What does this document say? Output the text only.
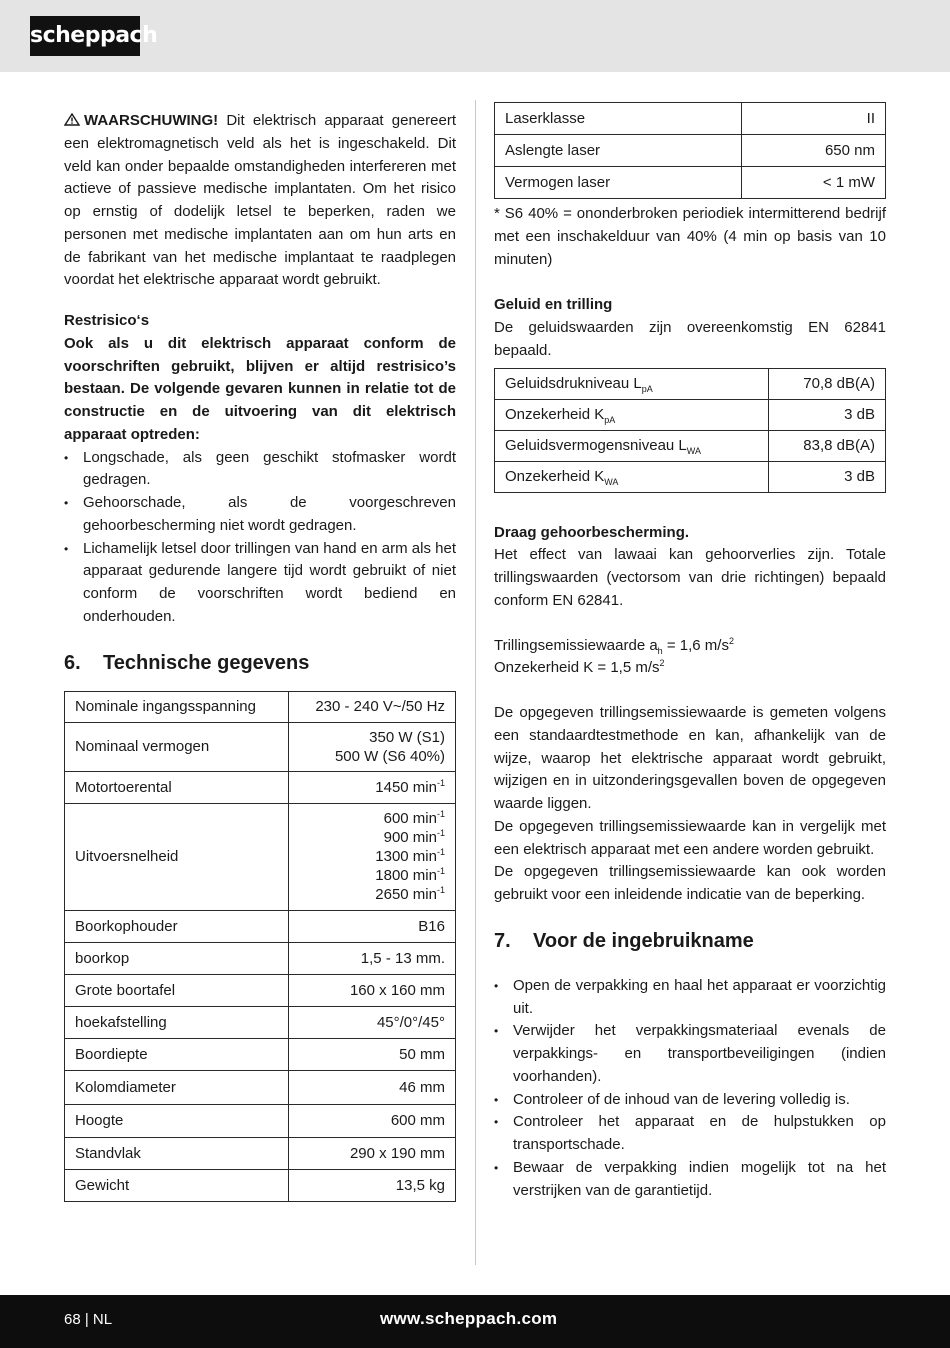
scheppach

WAARSCHUWING! Dit elektrisch apparaat genereert een elektromagnetisch veld als het is ingeschakeld. Dit veld kan onder bepaalde omstandigheden interfereren met actieve of passieve medische implantaten. Om het risico op ernstig of dodelijk letsel te beperken, raden we personen met medische implantaten aan om hun arts en de fabrikant van het medische implantaat te raadplegen voordat het elektrische apparaat wordt gebruikt.

Restrisico‘s

Ook als u dit elektrisch apparaat conform de voorschriften gebruikt, blijven er altijd restrisico’s bestaan. De volgende gevaren kunnen in relatie tot de constructie en de uitvoering van dit elektrisch apparaat optreden:

• Longschade, als geen geschikt stofmasker wordt gedragen.
• Gehoorschade, als de voorgeschreven gehoorbescherming niet wordt gedragen.
• Lichamelijk letsel door trillingen van hand en arm als het apparaat gedurende langere tijd wordt gebruikt of niet conform de voorschriften wordt bediend en onderhouden.
6.	Technische gegevens
Nominale ingangsspanning	230 - 240 V~/50 Hz
Nominaal vermogen	350 W (S1)
500 W (S6 40%)

Motortoerental	1450 $\min^{-1}$
Uitvoersnelheid	600 $\min^{-1}$
900 $\min^{-1}$
1300 $\min^{-1}$
1800 $\min^{-1}$
2650 $\min^{-1}$

Boorkophouder	B16
boorkop	1,5 - 13 mm.
Grote boortafel	160 x 160 mm
hoekafstelling	45°/0°/45°
Boordiepte	50 mm
Kolomdiameter	46 mm
Hoogte	600 mm
Standvlak	290 x 190 mm
Gewicht	13,5 kg
Laserklasse	II
Aslengte laser	650 nm
Vermogen laser	< 1 mW

* S6 40% = ononderbroken periodiek intermitterend bedrijf met een inschakelduur van 40% (4 min op basis van 10 minuten)

Geluid en trilling

De geluidswaarden zijn overeenkomstig EN 62841 bepaald.

Geluidsdrukniveau $L_{pA}$	70,8 dB(A)
Onzekerheid $K_{pA}$	3 dB
Geluidsvermogensniveau $L_{WA}$	83,8 dB(A)
Onzekerheid $K_{WA}$	3 dB

Draag gehoorbescherming.

Het effect van lawaai kan gehoorverlies zijn. Totale trillingswaarden (vectorsom van drie richtingen) bepaald conform EN 62841.

Trillingsemissiewaarde $a_h = 1,6$ $m/s^2$

Onzekerheid K = 1,5 $m/s^2$

De opgegeven trillingsemissiewaarde is gemeten volgens een standaardtestmethode en kan, afhankelijk van de wijze, waarop het elektrische apparaat wordt gebruikt, wijzigen en in uitzonderingsgevallen boven de opgegeven waarde liggen.

De opgegeven trillingsemissiewaarde kan in vergelijk met een elektrisch apparaat met een andere worden gebruikt.

De opgegeven trillingsemissiewaarde kan ook worden gebruikt voor een inleidende indicatie van de beperking.

7.	Voor de ingebruikname
• Open de verpakking en haal het apparaat er voorzichtig uit.
• Verwijder het verpakkingsmateriaal evenals de verpakkings- en transportbeveiligingen (indien voorhanden).
• Controleer of de inhoud van de levering volledig is.
• Controleer het apparaat en de hulpstukken op transportschade.
• Bewaar de verpakking indien mogelijk tot na het verstrijken van de garantietijd.
68 | NL	www.scheppach.com
